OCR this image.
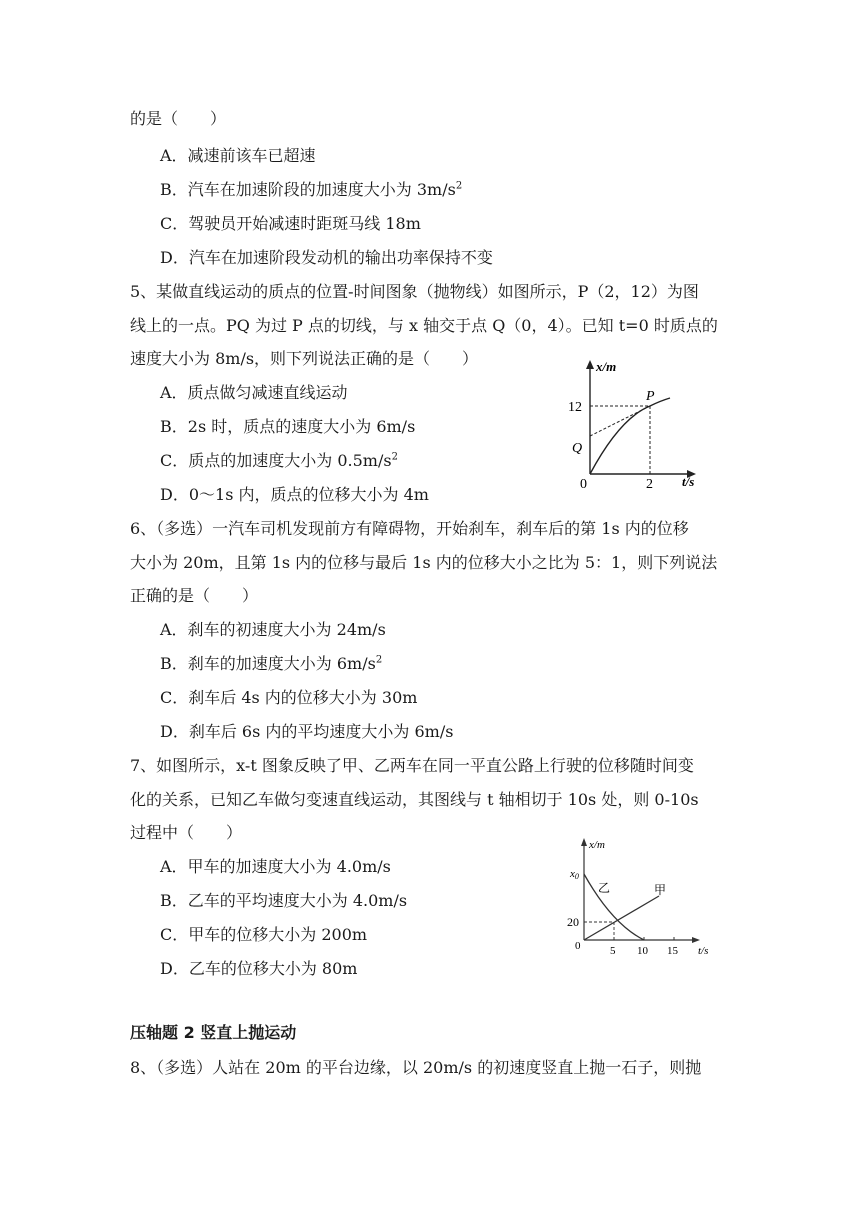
的是（　　）
A．减速前该车已超速
B．汽车在加速阶段的加速度大小为 $3m/s^2$
C．驾驶员开始减速时距斑马线 18m
D．汽车在加速阶段发动机的输出功率保持不变
5、某做直线运动的质点的位置-时间图象（抛物线）如图所示，P（2，12）为图
线上的一点。PQ 为过 P 点的切线，与 x 轴交于点 Q（0，4）。已知 t=0 时质点的
速度大小为 8m/s，则下列说法正确的是（　　）
A．质点做匀减速直线运动
B．2s 时，质点的速度大小为 6m/s
C．质点的加速度大小为 $0.5m/s^2$
D．0～1s 内，质点的位移大小为 4m
x/m
t/s
12
2
0
P
Q
6、（多选）一汽车司机发现前方有障碍物，开始刹车，刹车后的第 1s 内的位移
大小为 20m，且第 1s 内的位移与最后 1s 内的位移大小之比为 5：1，则下列说法
正确的是（　　）
A．刹车的初速度大小为 24m/s
B．刹车的加速度大小为 $6m/s^2$
C．刹车后 4s 内的位移大小为 30m
D．刹车后 6s 内的平均速度大小为 6m/s
7、如图所示，x-t 图象反映了甲、乙两车在同一平直公路上行驶的位移随时间变
化的关系，已知乙车做匀变速直线运动，其图线与 t 轴相切于 10s 处，则 0-10s
过程中（　　）
A．甲车的加速度大小为 4.0m/s
B．乙车的平均速度大小为 4.0m/s
C．甲车的位移大小为 200m
D．乙车的位移大小为 80m
x/m
t/s
x0
20
0	5 10 15
乙	甲
压轴题 2 竖直上抛运动
8、（多选）人站在 20m 的平台边缘，以 20m/s 的初速度竖直上抛一石子，则抛
